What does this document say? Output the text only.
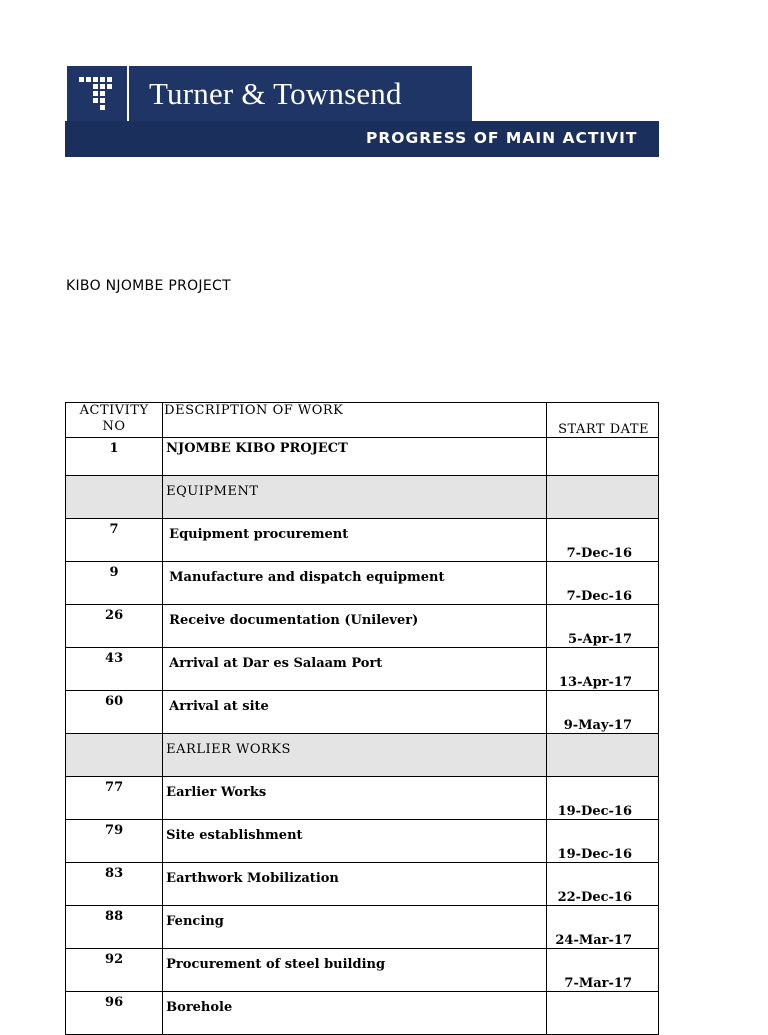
Turner & Townsend
PROGRESS OF MAIN ACTIVIT
KIBO NJOMBE PROJECT
ACTIVITY NO	DESCRIPTION OF WORK	START DATE
1	NJOMBE KIBO PROJECT	
	EQUIPMENT	
7	Equipment procurement	7-Dec-16
9	Manufacture and dispatch equipment	7-Dec-16
26	Receive documentation (Unilever)	5-Apr-17
43	Arrival at Dar es Salaam Port	13-Apr-17
60	Arrival at site	9-May-17
	EARLIER WORKS	
77	Earlier Works	19-Dec-16
79	Site establishment	19-Dec-16
83	Earthwork Mobilization	22-Dec-16
88	Fencing	24-Mar-17
92	Procurement of steel building	7-Mar-17
96	Borehole	
